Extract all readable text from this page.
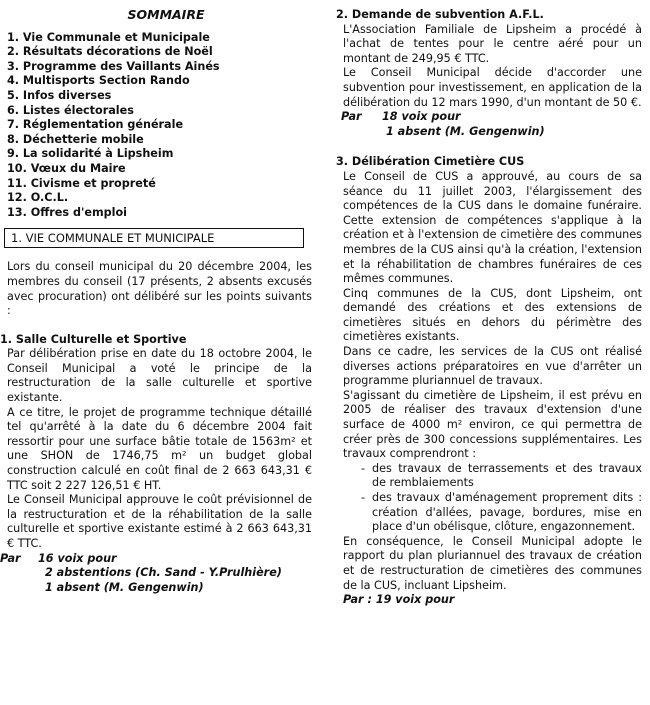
SOMMAIRE
1. Vie Communale et Municipale
2. Résultats décorations de Noël
3. Programme des Vaillants Ainés
4. Multisports Section Rando
5. Infos diverses
6. Listes électorales
7. Réglementation générale
8. Déchetterie mobile
9. La solidarité à Lipsheim
10. Vœux du Maire
11. Civisme et propreté
12. O.C.L.
13. Offres d'emploi
1. VIE COMMUNALE ET MUNICIPALE

Lors du conseil municipal du 20 décembre 2004, les membres du conseil (17 présents, 2 absents excusés avec procuration) ont délibéré sur les points suivants :

1. Salle Culturelle et Sportive

Par délibération prise en date du 18 octobre 2004, le Conseil Municipal a voté le principe de la restructuration de la salle culturelle et sportive existante.

A ce titre, le projet de programme technique détaillé tel qu'arrêté à la date du 6 décembre 2004 fait ressortir pour une surface bâtie totale de 1563m² et une SHON de 1746,75 m² un budget global construction calculé en coût final de 2 663 643,31 € TTC soit 2 227 126,51 € HT.

Le Conseil Municipal approuve le coût prévisionnel de la restructuration et de la réhabilitation de la salle culturelle et sportive existante estimé à 2 663 643,31 € TTC.

Par	16 voix pour
2 abstentions (Ch. Sand - Y.Prulhière)
1 absent (M. Gengenwin)
2. Demande de subvention A.F.L.

L'Association Familiale de Lipsheim a procédé à l'achat de tentes pour le centre aéré pour un montant de 249,95 € TTC.

Le Conseil Municipal décide d'accorder une subvention pour investissement, en application de la délibération du 12 mars 1990, d'un montant de 50 €.

Par	18 voix pour
1 absent (M. Gengenwin)
3. Délibération Cimetière CUS

Le Conseil de CUS a approuvé, au cours de sa séance du 11 juillet 2003, l'élargissement des compétences de la CUS dans le domaine funéraire. Cette extension de compétences s'applique à la création et à l'extension de cimetière des communes membres de la CUS ainsi qu'à la création, l'extension et la réhabilitation de chambres funéraires de ces mêmes communes.

Cinq communes de la CUS, dont Lipsheim, ont demandé des créations et des extensions de cimetières situés en dehors du périmètre des cimetières existants.

Dans ce cadre, les services de la CUS ont réalisé diverses actions préparatoires en vue d'arrêter un programme pluriannuel de travaux.

S'agissant du cimetière de Lipsheim, il est prévu en 2005 de réaliser des travaux d'extension d'une surface de 4000 m² environ, ce qui permettra de créer près de 300 concessions supplémentaires. Les travaux comprendront :

- des travaux de terrassements et des travaux de remblaiements
- des travaux d'aménagement proprement dits : création d'allées, pavage, bordures, mise en place d'un obélisque, clôture, engazonnement.

En conséquence, le Conseil Municipal adopte le rapport du plan pluriannuel des travaux de création et de restructuration de cimetières des communes de la CUS, incluant Lipsheim.

Par : 19 voix pour
